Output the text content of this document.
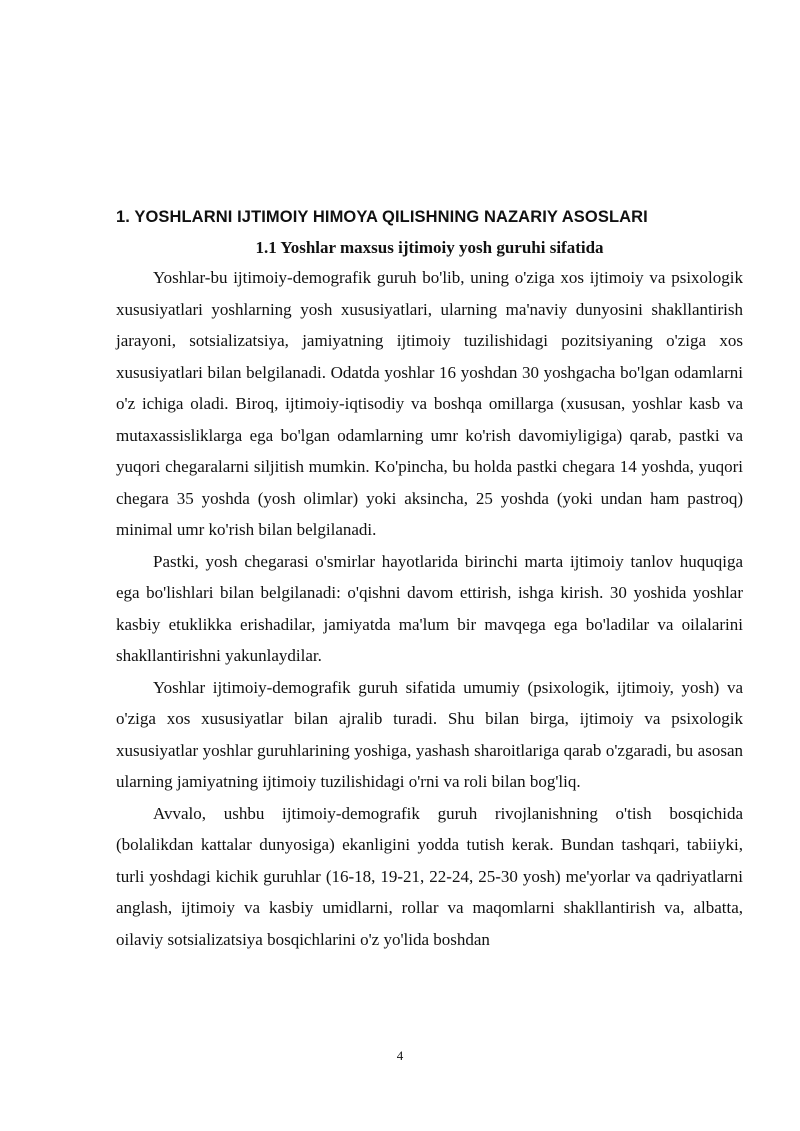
1. YOSHLARNI IJTIMOIY HIMOYA QILISHNING NAZARIY ASOSLARI
1.1 Yoshlar maxsus ijtimoiy yosh guruhi sifatida

Yoshlar-bu ijtimoiy-demografik guruh bo'lib, uning o'ziga xos ijtimoiy va psixologik xususiyatlari yoshlarning yosh xususiyatlari, ularning ma'naviy dunyosini shakllantirish jarayoni, sotsializatsiya, jamiyatning ijtimoiy tuzilishidagi pozitsiyaning o'ziga xos xususiyatlari bilan belgilanadi. Odatda yoshlar 16 yoshdan 30 yoshgacha bo'lgan odamlarni o'z ichiga oladi. Biroq, ijtimoiy-iqtisodiy va boshqa omillarga (xususan, yoshlar kasb va mutaxassisliklarga ega bo'lgan odamlarning umr ko'rish davomiyligiga) qarab, pastki va yuqori chegaralarni siljitish mumkin. Ko'pincha, bu holda pastki chegara 14 yoshda, yuqori chegara 35 yoshda (yosh olimlar) yoki aksincha, 25 yoshda (yoki undan ham pastroq) minimal umr ko'rish bilan belgilanadi.

Pastki, yosh chegarasi o'smirlar hayotlarida birinchi marta ijtimoiy tanlov huquqiga ega bo'lishlari bilan belgilanadi: o'qishni davom ettirish, ishga kirish. 30 yoshida yoshlar kasbiy etuklikka erishadilar, jamiyatda ma'lum bir mavqega ega bo'ladilar va oilalarini shakllantirishni yakunlaydilar.

Yoshlar ijtimoiy-demografik guruh sifatida umumiy (psixologik, ijtimoiy, yosh) va o'ziga xos xususiyatlar bilan ajralib turadi. Shu bilan birga, ijtimoiy va psixologik xususiyatlar yoshlar guruhlarining yoshiga, yashash sharoitlariga qarab o'zgaradi, bu asosan ularning jamiyatning ijtimoiy tuzilishidagi o'rni va roli bilan bog'liq.

Avvalo, ushbu ijtimoiy-demografik guruh rivojlanishning o'tish bosqichida (bolalikdan kattalar dunyosiga) ekanligini yodda tutish kerak. Bundan tashqari, tabiiyki, turli yoshdagi kichik guruhlar (16-18, 19-21, 22-24, 25-30 yosh) me'yorlar va qadriyatlarni anglash, ijtimoiy va kasbiy umidlarni, rollar va maqomlarni shakllantirish va, albatta, oilaviy sotsializatsiya bosqichlarini o'z yo'lida boshdan

4
